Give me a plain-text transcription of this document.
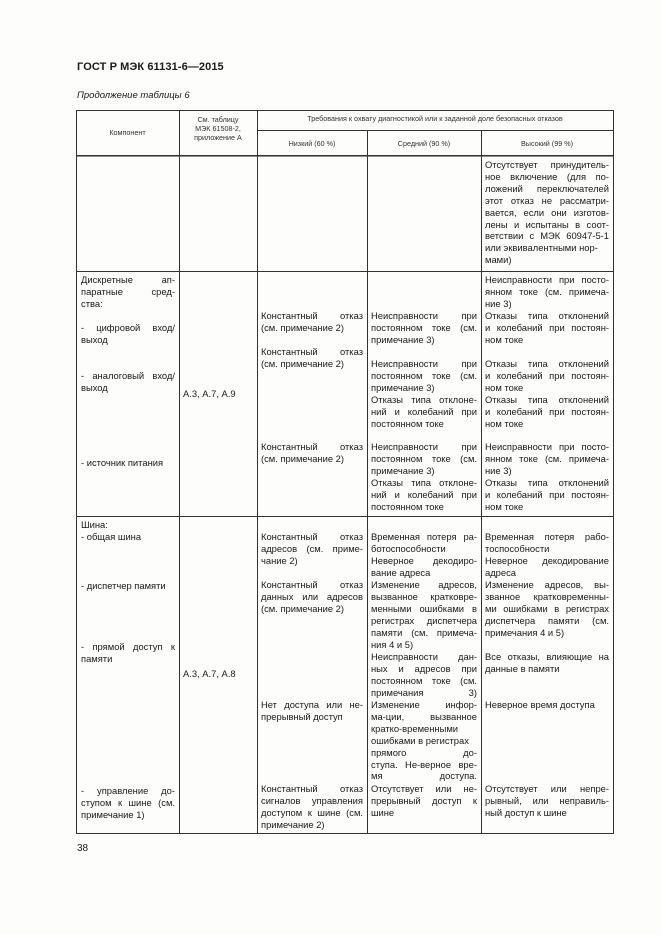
ГОСТ Р МЭК 61131-6—2015
Продолжение таблицы 6
Компонент
См. таблицу
МЭК 61508-2,
приложение А
Требования к охвату диагностикой или к заданной доле безопасных отказов
Низкий (60 %)	Средний (90 %)	Высокий (99 %)
Отсутствует принудитель-
ное включение (для по-
ложений переключателей
этот отказ не рассматри-
вается, если они изготов-
лены и испытаны в соот-
ветствии с МЭК 60947-5-1
или эквивалентными нор-
мами)
Дискретные ап-
паратные сред-
ства:
- цифровой вход/
выход
- аналоговый вход/
выход
- источник питания
А.3, А.7, А.9
Константный отказ
(см. примечание 2)
Константный отказ
(см. примечание 2)
Константный отказ
(см. примечание 2)
Неисправности при
постоянном токе (см.
примечание 3)
Неисправности при
постоянном токе (см.
примечание 3)
Отказы типа отклоне-
ний и колебаний при
постоянном токе
Неисправности при
постоянном токе (см.
примечание 3)
Отказы типа отклоне-
ний и колебаний при
постоянном токе
Неисправности при посто-
янном токе (см. примеча-
ние 3)
Отказы типа отклонений
и колебаний при постоян-
ном токе
Отказы типа отклонений
и колебаний при постоян-
ном токе
Отказы типа отклонений
и колебаний при постоян-
ном токе
Неисправности при посто-
янном токе (см. примеча-
ние 3)
Отказы типа отклонений
и колебаний при постоян-
ном токе
Шина:
- общая шина
- диспетчер памяти
- прямой доступ к
памяти
- управление до-
ступом к шине (см.
примечание 1)
А.3, А.7, А.8
Константный отказ
адресов (см. приме-
чание 2)
Константный отказ
данных или адресов
(см. примечание 2)
Нет доступа или не-
прерывный доступ
Константный отказ
сигналов управления
доступом к шине (см.
примечание 2)
Временная потеря ра-
ботоспособности
Неверное декодиро-
вание адреса
Изменение адресов,
вызванное кратковре-
менными ошибками в
регистрах диспетчера
памяти (см. примеча-
ния 4 и 5)
Неисправности дан-
ных и адресов при
постоянном токе (см.
примечания 3)
Изменение инфор-
ма-ции, вызванное
кратко-временными
ошибками в регистрах
прямого до-
ступа. Не-верное вре-
мя доступа.
Отсутствует или не-
прерывный доступ к
шине
Временная потеря рабо-
тоспособности
Неверное декодирование
адреса
Изменение адресов, вы-
званное кратковременны-
ми ошибками в регистрах
диспетчера памяти (см.
примечания 4 и 5)
Все отказы, влияющие на
данные в памяти
Неверное время доступа
Отсутствует или непре-
рывный, или неправиль-
ный доступ к шине
38
